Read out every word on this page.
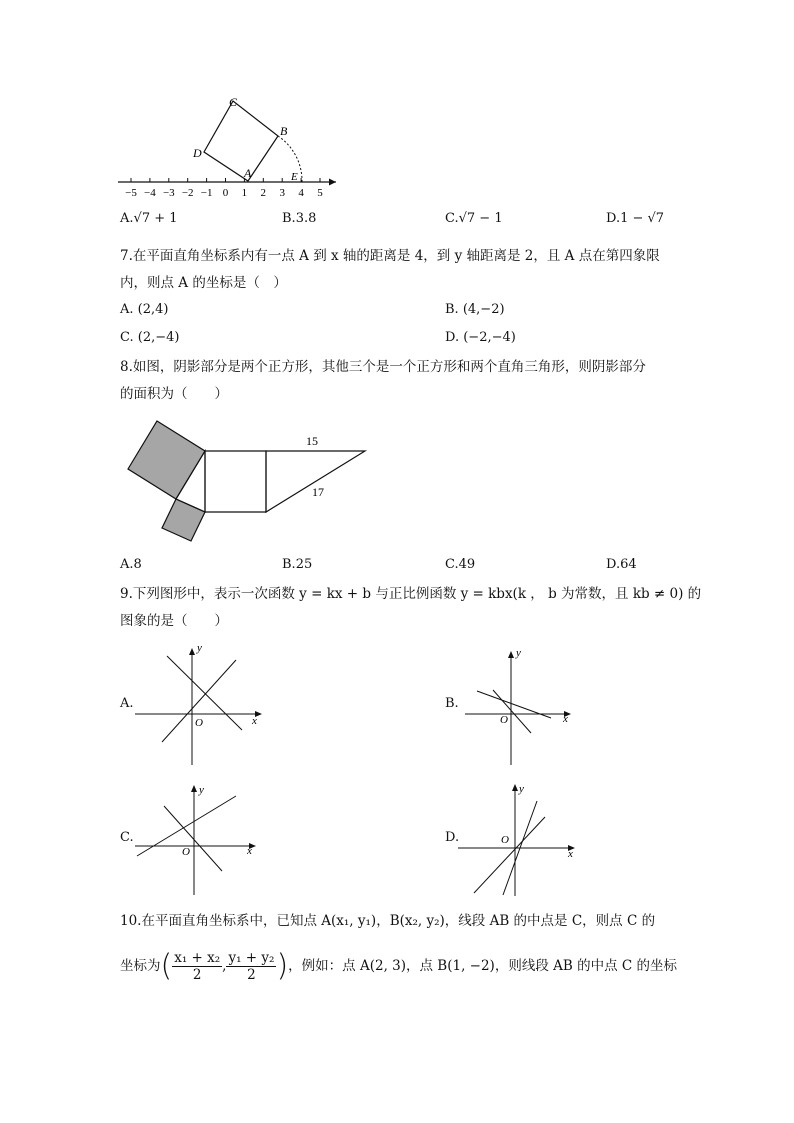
−5 −4 −3 −2 −1 0 1 2 3 4 5
C
B
D
A	E
A.√7 + 1	B.3.8	C.√7 − 1	D.1 − √7
7.在平面直角坐标系内有一点 A 到 x 轴的距离是 4，到 y 轴距离是 2，且 A 点在第四象限
内，则点 A 的坐标是（　）
A. (2,4)	B. (4,−2)
C. (2,−4)	D. (−2,−4)
8.如图，阴影部分是两个正方形，其他三个是一个正方形和两个直角三角形，则阴影部分
的面积为（　　）
15
17
A.8	B.25	C.49	D.64
9.下列图形中，表示一次函数 y = kx + b 与正比例函数 y = kbx(k ， b 为常数，且 kb ≠ 0) 的
图象的是（　　）
A.	B.
C.	D.
x
y
O	x
y
O
x
y
O	x
y
O
10.在平面直角坐标系中，已知点 A(x₁, y₁)，B(x₂, y₂)，线段 AB 的中点是 C，则点 C 的
坐标为( $\frac{\text{x₁ + x₂}}{2}$ , $\frac{\text{y₁ + y₂}}{2}$ )，例如：点 A(2, 3)，点 B(1, −2)，则线段 AB 的中点 C 的坐标
